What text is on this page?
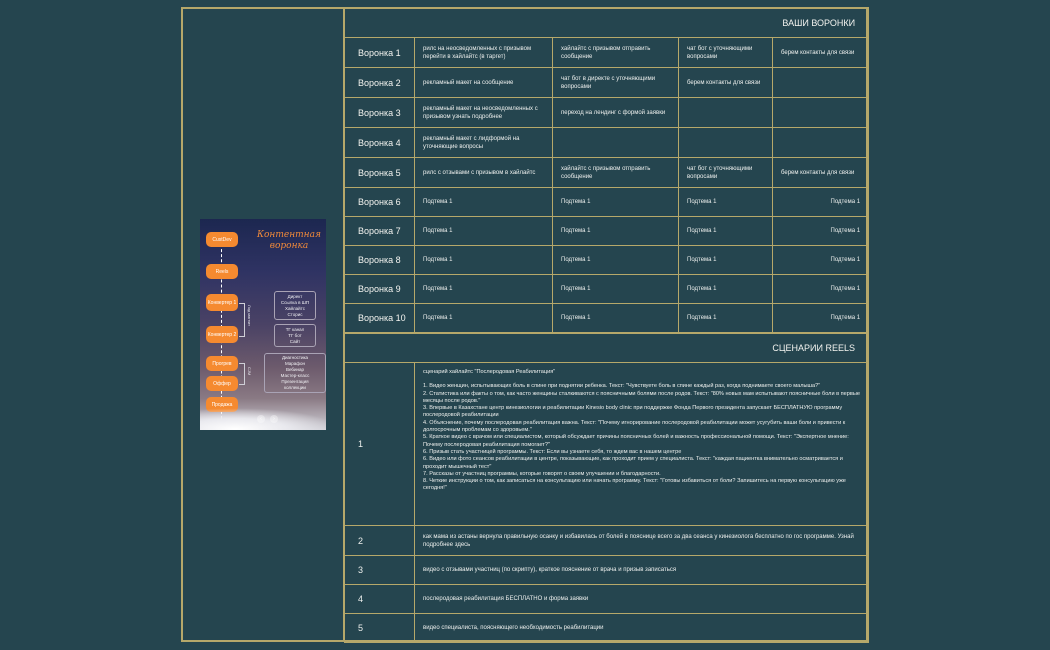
Контентная
воронка
CustDev
Reels
Конвертер 1
Конвертер 2
Прогрев
Оффер
Продажа
Лид магнит
CJM
Директ
Ссылка в ШП
Хайлайтс
Сторис
ТГ канал
ТГ бот
Сайт
Диагностика
Марафон
Вебинар
Мастер-класс
Презентация
коллекции
‹	›
ВАШИ ВОРОНКИ				
Воронка 1	рилс на неосведомленных с призывом перейти в хайлайтс (в таргет)	хайлайтс с призывом отправить сообщение	чат бот с уточняющими вопросами	берем контакты для связи
Воронка 2	рекламный макет на сообщение	чат бот в директе с уточняющими вопросами	берем контакты для связи	
Воронка 3	рекламный макет на неосведомленных с призывом узнать подробнее	переход на лендинг с формой заявки		
Воронка 4	рекламный макет с лидформой на уточняющие вопросы			
Воронка 5	рилс с отзывами с призывом в хайлайтс	хайлайтс с призывом отправить сообщение	чат бот с уточняющими вопросами	берем контакты для связи
Воронка 6	Подтема 1	Подтема 1	Подтема 1	Подтема 1
Воронка 7	Подтема 1	Подтема 1	Подтема 1	Подтема 1
Воронка 8	Подтема 1	Подтема 1	Подтема 1	Подтема 1
Воронка 9	Подтема 1	Подтема 1	Подтема 1	Подтема 1
Воронка 10	Подтема 1	Подтема 1	Подтема 1	Подтема 1
СЦЕНАРИИ REELS	
1	
сценарий хайлайтс "Послеродовая Реабилитация"
1. Видео женщин, испытывающих боль в спине при поднятии ребенка. Текст: "Чувствуете боль в спине каждый раз, когда поднимаете своего малыша?"
2. Статистика или факты о том, как часто женщины сталкиваются с поясничными болями после родов. Текст: "80% новых мам испытывают поясничные боли в первые месяцы после родов."
3. Впервые в Казахстане центр кинезиологии и реабилитации Kinesio body clinic при поддержке Фонда Первого президента запускает БЕСПЛАТНУЮ программу послеродовой реабилитации
4. Объяснение, почему послеродовая реабилитация важна. Текст: "Почему игнорирование послеродовой реабилитации может усугубить ваши боли и привести к долгосрочным проблемам со здоровьем."
5. Краткое видео с врачом или специалистом, который обсуждает причины поясничных болей и важность профессиональной помощи. Текст: "Экспертное мнение: Почему послеродовая реабилитация помогает?"
6. Призыв стать участницей программы. Текст: Если вы узнаете себя, то ждем вас в нашем центре
6. Видео или фото сеансов реабилитации в центре, показывающие, как проходит прием у специалиста. Текст: "каждая пациентка внимательно осматривается и проходит мышечный тест"
7. Рассказы от участниц программы, которые говорят о своем улучшении и благодарности.
8. Четкие инструкции о том, как записаться на консультацию или начать программу. Текст: "Готовы избавиться от боли? Запишитесь на первую консультацию уже сегодня!"

2	как мама из астаны вернула правильную осанку и избавилась от болей в пояснице всего за два сеанса у кинезиолога бесплатно по гос программе. Узнай подробнее здесь
3	видео с отзывами участниц (по скрипту), краткое пояснение от врача и призыв записаться
4	послеродовая реабилитация БЕСПЛАТНО и форма заявки
5	видео специалиста, поясняющего необходимость реабилитации
